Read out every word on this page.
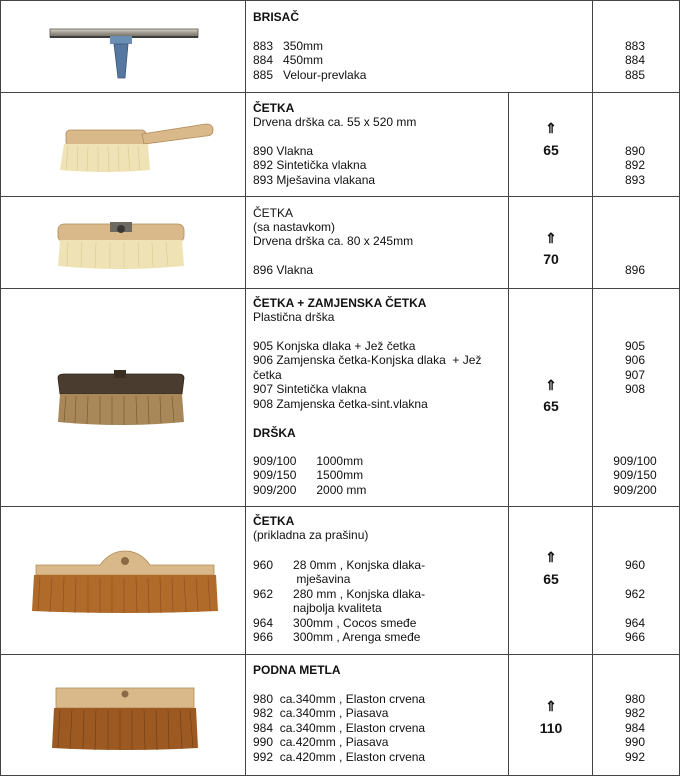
BRISAČ
883   350mm
884   450mm
885   Velour-prevlaka
883
884
885
ČETKA
Drvena drška ca. 55 x 520 mm
890 Vlakna
892 Sintetička vlakna
893 Mješavina vlakana
⇑
65	890
892
893
ČETKA
(sa nastavkom)
Drvena drška ca. 80 x 245mm
896 Vlakna
⇑
70
896
ČETKA + ZAMJENSKA ČETKA
Plastična drška
905 Konjska dlaka + Jež četka
906 Zamjenska četka-Konjska dlaka  + Jež
četka
907 Sintetička vlakna
908 Zamjenska četka-sint.vlakna
DRŠKA
909/100      1000mm
909/150      1500mm
909/200      2000 mm
⇑
65
905
906
907
908
909/100
909/150
909/200
ČETKA
(prikladna za prašinu)
960      28 0mm , Konjska dlaka-
mješavina
962      280 mm , Konjska dlaka-
najbolja kvaliteta
964      300mm , Cocos smeđe
966      300mm , Arenga smeđe
⇑
65
960
962
964
966
PODNA METLA
980  ca.340mm , Elaston crvena
982  ca.340mm , Piasava
984  ca.340mm , Elaston crvena
990  ca.420mm , Piasava
992  ca.420mm , Elaston crvena
⇑
110
980
982
984
990
992
